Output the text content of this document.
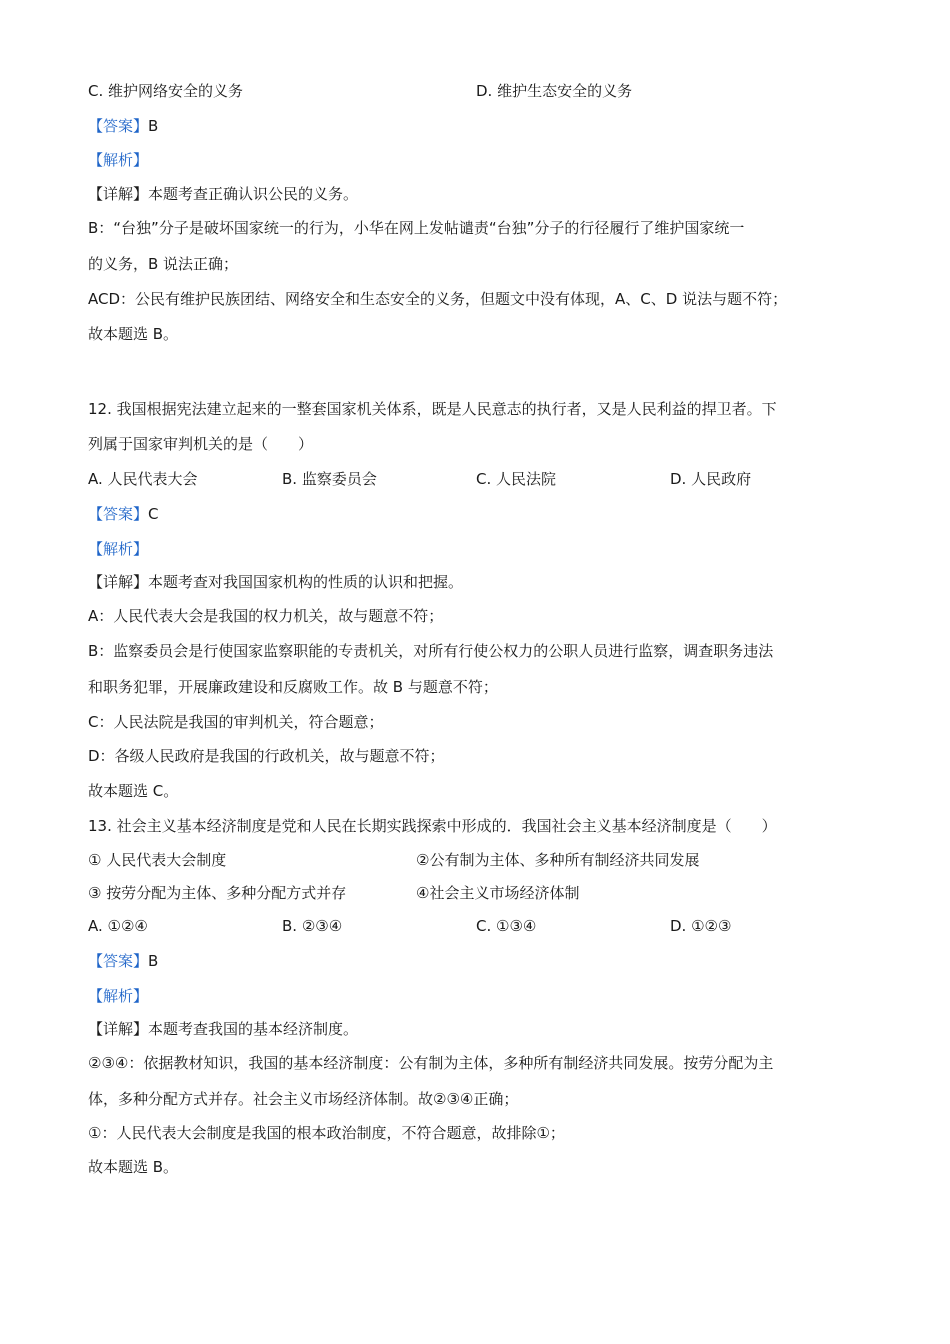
C. 维护网络安全的义务	D. 维护生态安全的义务
【答案】B
【解析】
【详解】本题考查正确认识公民的义务。
B：“台独”分子是破坏国家统一的行为，小华在网上发帖谴责“台独”分子的行径履行了维护国家统一
的义务，B 说法正确；
ACD：公民有维护民族团结、网络安全和生态安全的义务，但题文中没有体现，A、C、D 说法与题不符；
故本题选 B。
12. 我国根据宪法建立起来的一整套国家机关体系，既是人民意志的执行者，又是人民利益的捍卫者。下
列属于国家审判机关的是（　　）
A. 人民代表大会	B. 监察委员会	C. 人民法院	D. 人民政府
【答案】C
【解析】
【详解】本题考查对我国国家机构的性质的认识和把握。
A：人民代表大会是我国的权力机关，故与题意不符；
B：监察委员会是行使国家监察职能的专责机关，对所有行使公权力的公职人员进行监察，调查职务违法
和职务犯罪，开展廉政建设和反腐败工作。故 B 与题意不符；
C：人民法院是我国的审判机关，符合题意；
D：各级人民政府是我国的行政机关，故与题意不符；
故本题选 C。
13. 社会主义基本经济制度是党和人民在长期实践探索中形成的．我国社会主义基本经济制度是（　　）
① 人民代表大会制度	②公有制为主体、多种所有制经济共同发展
③ 按劳分配为主体、多种分配方式并存	④社会主义市场经济体制
A. ①②④	B. ②③④	C. ①③④	D. ①②③
【答案】B
【解析】
【详解】本题考查我国的基本经济制度。
②③④：依据教材知识，我国的基本经济制度：公有制为主体，多种所有制经济共同发展。按劳分配为主
体，多种分配方式并存。社会主义市场经济体制。故②③④正确；
①：人民代表大会制度是我国的根本政治制度，不符合题意，故排除①；
故本题选 B。
